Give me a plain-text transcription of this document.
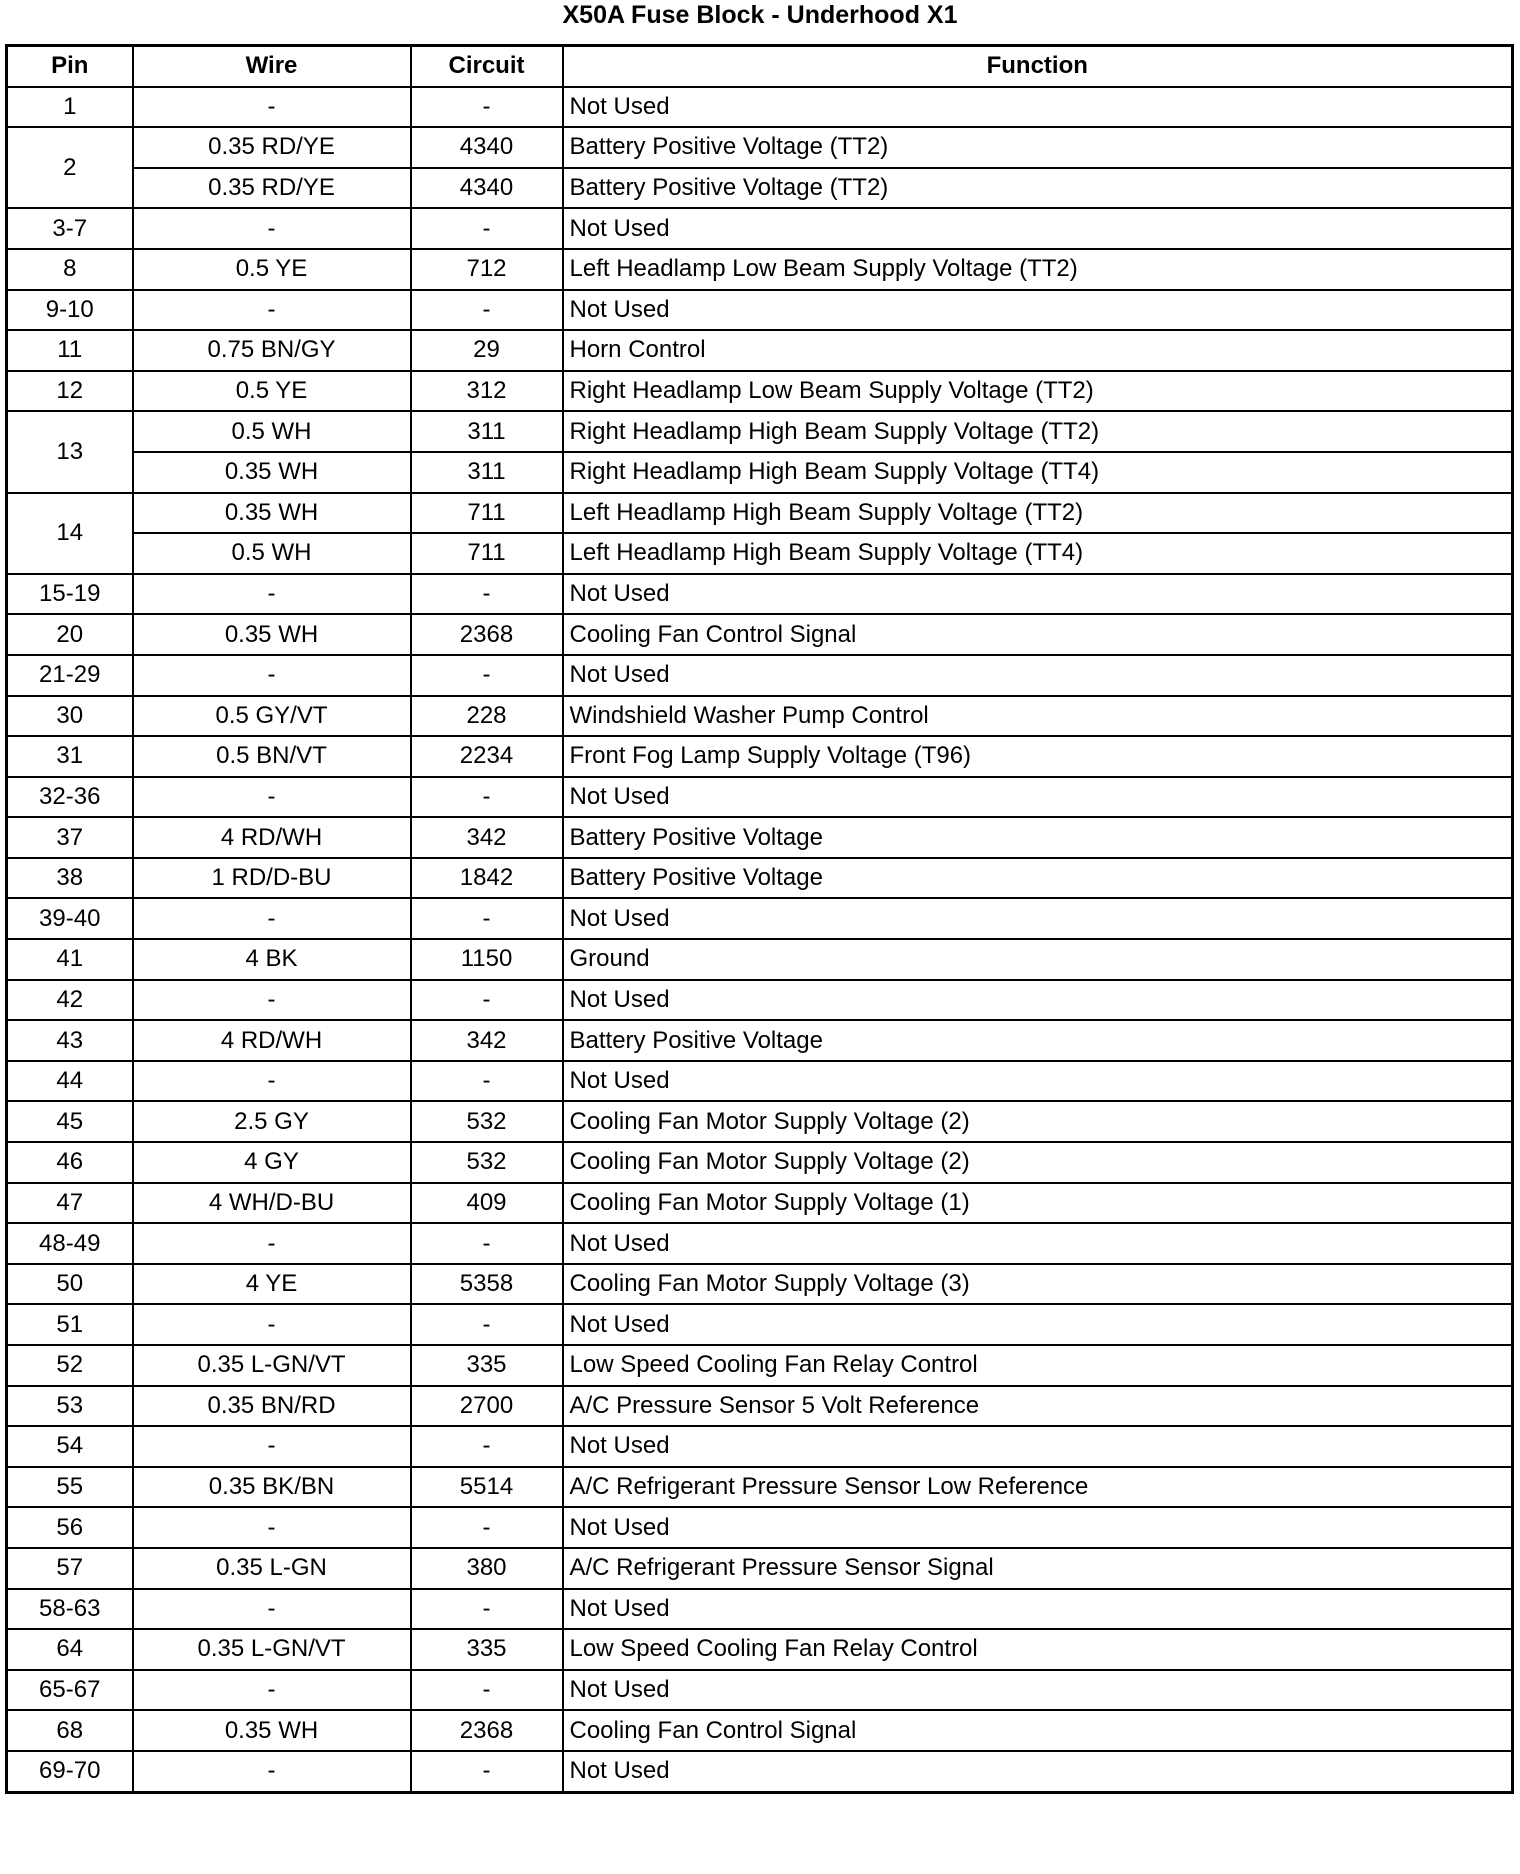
X50A Fuse Block - Underhood X1
Pin	Wire	Circuit	Function
1	-	-	Not Used
2	0.35 RD/YE	4340	Battery Positive Voltage (TT2)
	0.35 RD/YE	4340	Battery Positive Voltage (TT2)
3-7	-	-	Not Used
8	0.5 YE	712	Left Headlamp Low Beam Supply Voltage (TT2)
9-10	-	-	Not Used
11	0.75 BN/GY	29	Horn Control
12	0.5 YE	312	Right Headlamp Low Beam Supply Voltage (TT2)
13	0.5 WH	311	Right Headlamp High Beam Supply Voltage (TT2)
	0.35 WH	311	Right Headlamp High Beam Supply Voltage (TT4)
14	0.35 WH	711	Left Headlamp High Beam Supply Voltage (TT2)
	0.5 WH	711	Left Headlamp High Beam Supply Voltage (TT4)
15-19	-	-	Not Used
20	0.35 WH	2368	Cooling Fan Control Signal
21-29	-	-	Not Used
30	0.5 GY/VT	228	Windshield Washer Pump Control
31	0.5 BN/VT	2234	Front Fog Lamp Supply Voltage (T96)
32-36	-	-	Not Used
37	4 RD/WH	342	Battery Positive Voltage
38	1 RD/D-BU	1842	Battery Positive Voltage
39-40	-	-	Not Used
41	4 BK	1150	Ground
42	-	-	Not Used
43	4 RD/WH	342	Battery Positive Voltage
44	-	-	Not Used
45	2.5 GY	532	Cooling Fan Motor Supply Voltage (2)
46	4 GY	532	Cooling Fan Motor Supply Voltage (2)
47	4 WH/D-BU	409	Cooling Fan Motor Supply Voltage (1)
48-49	-	-	Not Used
50	4 YE	5358	Cooling Fan Motor Supply Voltage (3)
51	-	-	Not Used
52	0.35 L-GN/VT	335	Low Speed Cooling Fan Relay Control
53	0.35 BN/RD	2700	A/C Pressure Sensor 5 Volt Reference
54	-	-	Not Used
55	0.35 BK/BN	5514	A/C Refrigerant Pressure Sensor Low Reference
56	-	-	Not Used
57	0.35 L-GN	380	A/C Refrigerant Pressure Sensor Signal
58-63	-	-	Not Used
64	0.35 L-GN/VT	335	Low Speed Cooling Fan Relay Control
65-67	-	-	Not Used
68	0.35 WH	2368	Cooling Fan Control Signal
69-70	-	-	Not Used
